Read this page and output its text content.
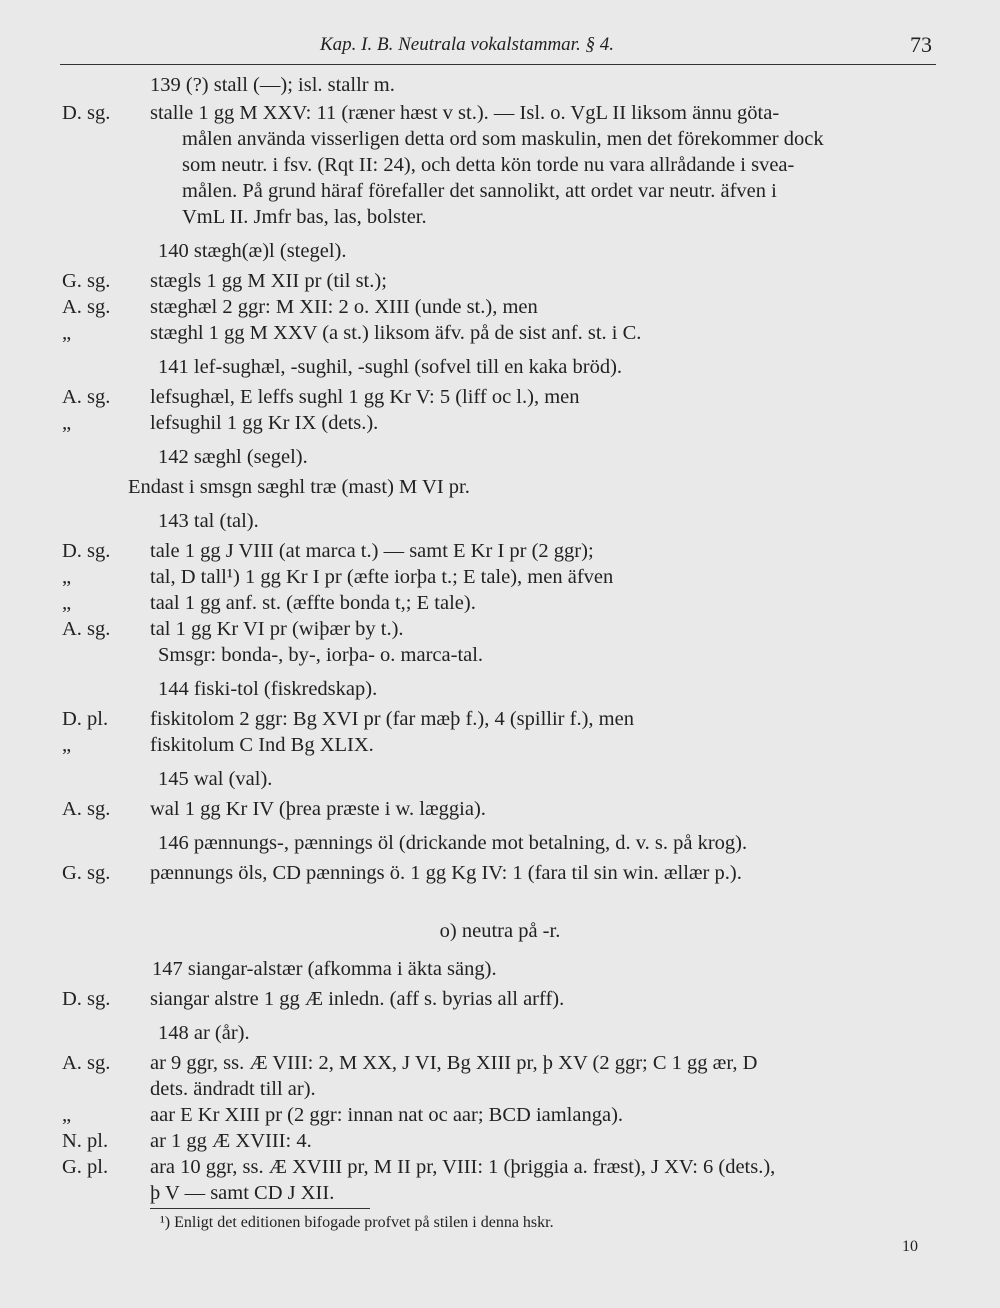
Kap. I. B. Neutrala vokalstammar. § 4.	73
139 (?) stall (—); isl. stallr m.
D. sg. stalle 1 gg M XXV: 11 (ræner hæst v st.). — Isl. o. VgL II liksom ännu göta-
målen använda visserligen detta ord som maskulin, men det förekommer dock
som neutr. i fsv. (Rqt II: 24), och detta kön torde nu vara allrådande i svea-
målen. På grund häraf förefaller det sannolikt, att ordet var neutr. äfven i
VmL II. Jmfr bas, las, bolster.
140 stægh(æ)l (stegel).
G. sg. stægls 1 gg M XII pr (til st.);
A. sg. stæghæl 2 ggr: M XII: 2 o. XIII (unde st.), men
„	stæghl 1 gg M XXV (a st.) liksom äfv. på de sist anf. st. i C.
141 lef-sughæl, -sughil, -sughl (sofvel till en kaka bröd).
A. sg. lefsughæl, E leffs sughl 1 gg Kr V: 5 (liff oc l.), men
„	lefsughil 1 gg Kr IX (dets.).
142 sæghl (segel).
Endast i smsgn sæghl træ (mast) M VI pr.
143 tal (tal).
D. sg. tale 1 gg J VIII (at marca t.) — samt E Kr I pr (2 ggr);
„	tal, D tall¹) 1 gg Kr I pr (æfte iorþa t.; E tale), men äfven
„	taal 1 gg anf. st. (æffte bonda t,; E tale).
A. sg. tal 1 gg Kr VI pr (wiþær by t.).
Smsgr: bonda-, by-, iorþa- o. marca-tal.
144 fiski-tol (fiskredskap).
D. pl. fiskitolom 2 ggr: Bg XVI pr (far mæþ f.), 4 (spillir f.), men
„	fiskitolum C Ind Bg XLIX.
145 wal (val).
A. sg. wal 1 gg Kr IV (þrea præste i w. læggia).
146 pænnungs-, pænnings öl (drickande mot betalning, d. v. s. på krog).
G. sg. pænnungs öls, CD pænnings ö. 1 gg Kg IV: 1 (fara til sin win. ællær p.).
147 siangar-alstær (afkomma i äkta säng).
D. sg. siangar alstre 1 gg Æ inledn. (aff s. byrias all arff).
148 ar (år).
A. sg. ar 9 ggr, ss. Æ VIII: 2, M XX, J VI, Bg XIII pr, þ XV (2 ggr; C 1 gg ær, D
dets. ändradt till ar).
„	aar E Kr XIII pr (2 ggr: innan nat oc aar; BCD iamlanga).
N. pl. ar 1 gg Æ XVIII: 4.
G. pl. ara 10 ggr, ss. Æ XVIII pr, M II pr, VIII: 1 (þriggia a. fræst), J XV: 6 (dets.),
þ V — samt CD J XII.
o) neutra på -r.
¹) Enligt det editionen bifogade profvet på stilen i denna hskr.
10
